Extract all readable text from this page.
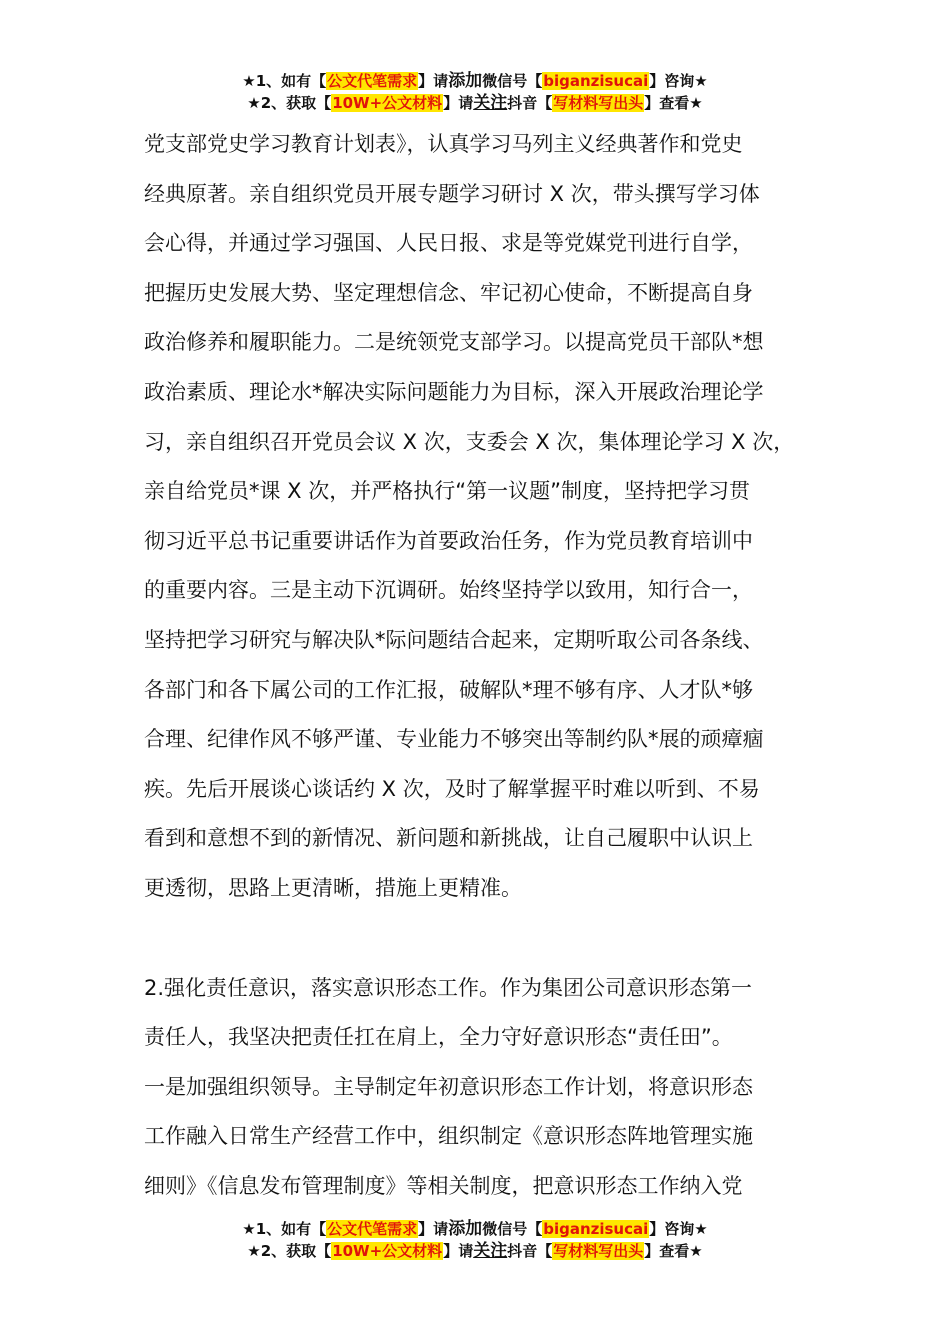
★1、如有【公文代笔需求】请添加微信号【biganzisucai】咨询★
★2、获取【10W+公文材料】请关注抖音【写材料写出头】查看★
党支部党史学习教育计划表》，认真学习马列主义经典著作和党史
经典原著。亲自组织党员开展专题学习研讨 X 次，带头撰写学习体
会心得，并通过学习强国、人民日报、求是等党媒党刊进行自学，
把握历史发展大势、坚定理想信念、牢记初心使命，不断提高自身
政治修养和履职能力。二是统领党支部学习。以提高党员干部队*想
政治素质、理论水*解决实际问题能力为目标，深入开展政治理论学
习，亲自组织召开党员会议 X 次，支委会 X 次，集体理论学习 X 次，
亲自给党员*课 X 次，并严格执行“第一议题”制度，坚持把学习贯
彻习近平总书记重要讲话作为首要政治任务，作为党员教育培训中
的重要内容。三是主动下沉调研。始终坚持学以致用，知行合一，
坚持把学习研究与解决队*际问题结合起来，定期听取公司各条线、
各部门和各下属公司的工作汇报，破解队*理不够有序、人才队*够
合理、纪律作风不够严谨、专业能力不够突出等制约队*展的顽瘴痼
疾。先后开展谈心谈话约 X 次，及时了解掌握平时难以听到、不易
看到和意想不到的新情况、新问题和新挑战，让自己履职中认识上
更透彻，思路上更清晰，措施上更精准。
2.强化责任意识，落实意识形态工作。作为集团公司意识形态第一
责任人，我坚决把责任扛在肩上，全力守好意识形态“责任田”。
一是加强组织领导。主导制定年初意识形态工作计划，将意识形态
工作融入日常生产经营工作中，组织制定《意识形态阵地管理实施
细则》《信息发布管理制度》等相关制度，把意识形态工作纳入党
★1、如有【公文代笔需求】请添加微信号【biganzisucai】咨询★
★2、获取【10W+公文材料】请关注抖音【写材料写出头】查看★
